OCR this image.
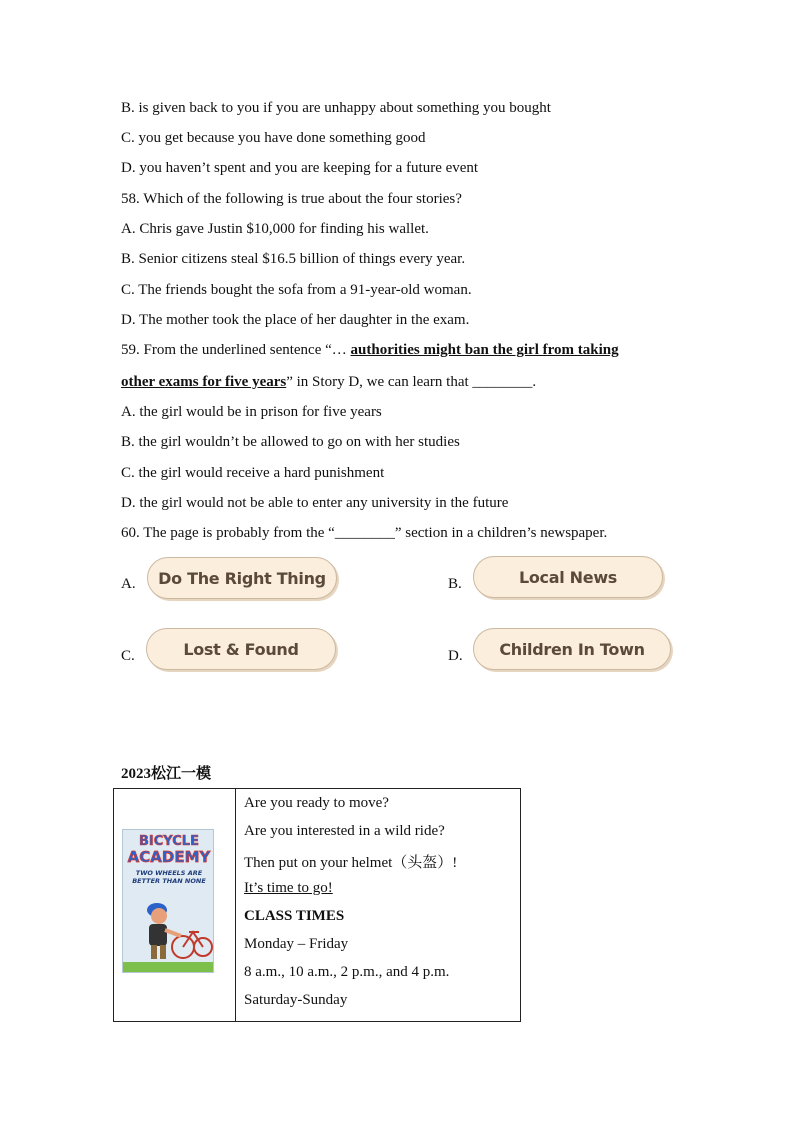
B. is given back to you if you are unhappy about something you bought
C. you get because you have done something good
D. you haven’t spent and you are keeping for a future event
58. Which of the following is true about the four stories?
A. Chris gave Justin $10,000 for finding his wallet.
B. Senior citizens steal $16.5 billion of things every year.
C. The friends bought the sofa from a 91-year-old woman.
D. The mother took the place of her daughter in the exam.
59. From the underlined sentence “… authorities might ban the girl from taking
other exams for five years” in Story D, we can learn that ________.
A. the girl would be in prison for five years
B. the girl wouldn’t be allowed to go on with her studies
C. the girl would receive a hard punishment
D. the girl would not be able to enter any university in the future
60. The page is probably from the “________” section in a children’s newspaper.
A.	Do The Right Thing	B.	Local News
C.	Lost & Found	D.	Children In Town
2023松江一模
BICYCLE
ACADEMY
TWO WHEELS ARE
BETTER THAN NONE
Are you ready to move?
Are you interested in a wild ride?
Then put on your helmet（头盔）!
It’s time to go!
CLASS TIMES
Monday – Friday
8 a.m., 10 a.m., 2 p.m., and 4 p.m.
Saturday-Sunday
